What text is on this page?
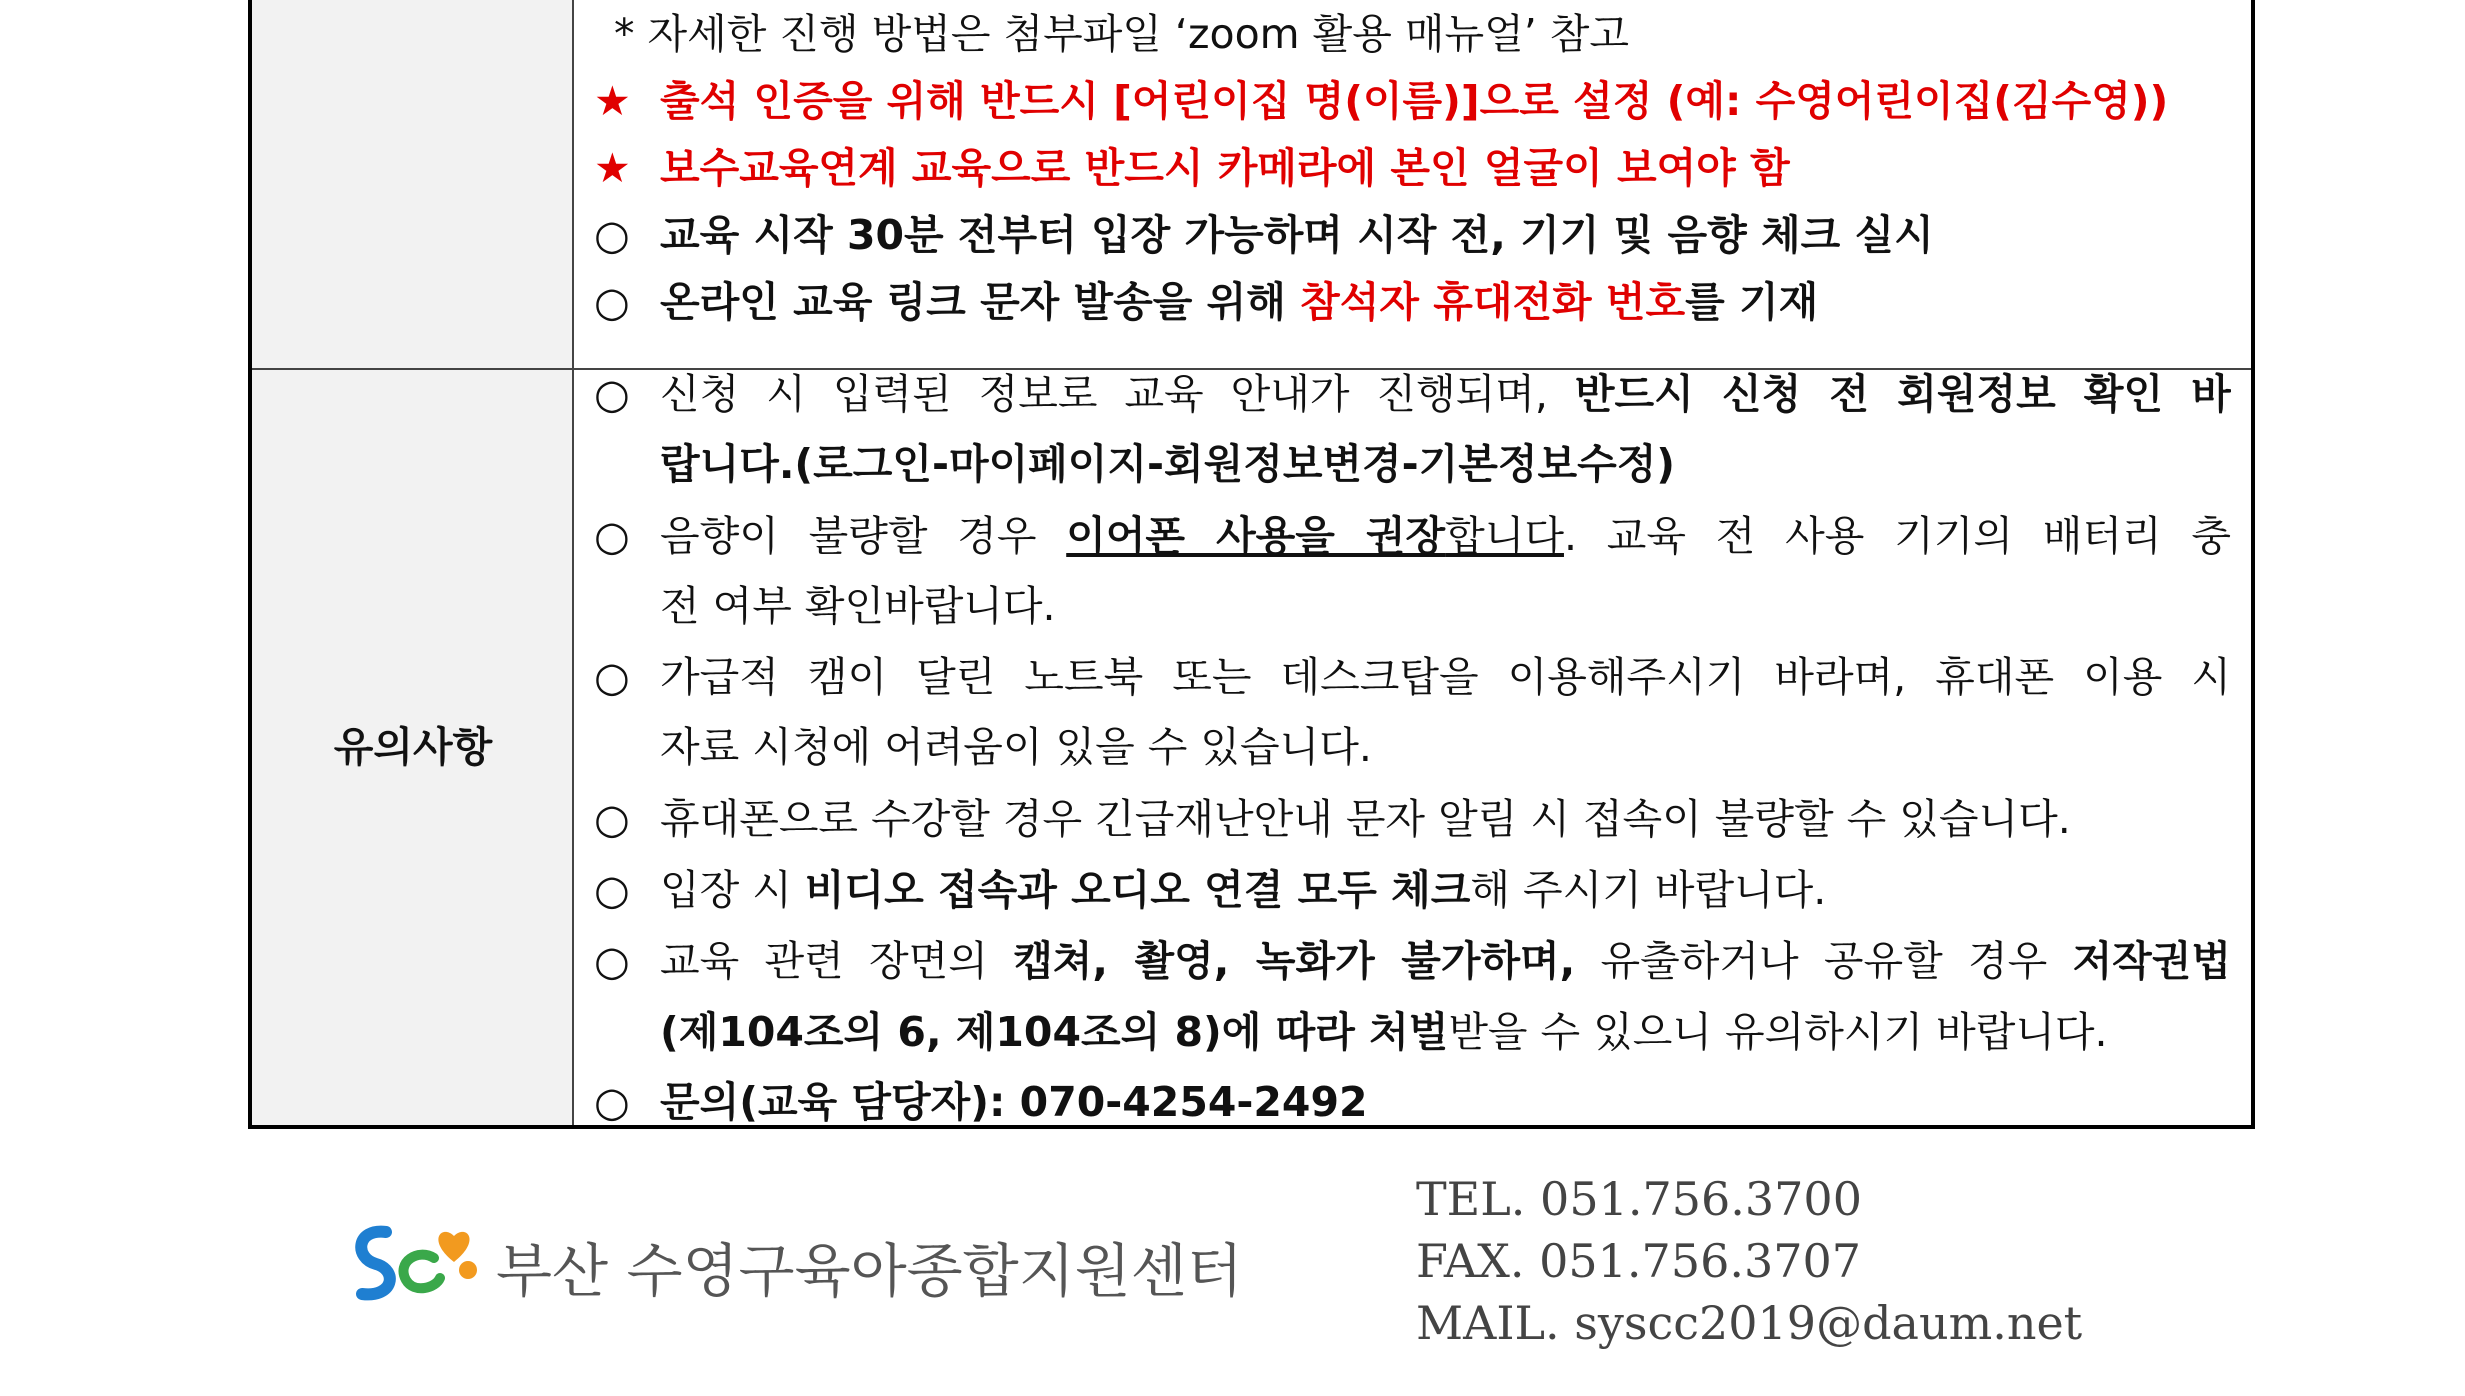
유의사항
* 자세한 진행 방법은 첨부파일 ‘zoom 활용 매뉴얼’ 참고
★ 출석 인증을 위해 반드시 [어린이집 명(이름)]으로 설정 (예: 수영어린이집(김수영))
★ 보수교육연계 교육으로 반드시 카메라에 본인 얼굴이 보여야 함
○ 교육 시작 30분 전부터 입장 가능하며 시작 전, 기기 및 음향 체크 실시
○ 온라인 교육 링크 문자 발송을 위해 참석자 휴대전화 번호를 기재
○ 신청 시 입력된 정보로 교육 안내가 진행되며, 반드시 신청 전 회원정보 확인 바
랍니다.(로그인-마이페이지-회원정보변경-기본정보수정)
○ 음향이 불량할 경우 이어폰 사용을 권장합니다. 교육 전 사용 기기의 배터리 충
전 여부 확인바랍니다.
○ 가급적 캠이 달린 노트북 또는 데스크탑을 이용해주시기 바라며, 휴대폰 이용 시
자료 시청에 어려움이 있을 수 있습니다.
○ 휴대폰으로 수강할 경우 긴급재난안내 문자 알림 시 접속이 불량할 수 있습니다.
○ 입장 시 비디오 접속과 오디오 연결 모두 체크해 주시기 바랍니다.
○ 교육 관련 장면의 캡쳐, 촬영, 녹화가 불가하며, 유출하거나 공유할 경우 저작권법
(제104조의 6, 제104조의 8)에 따라 처벌받을 수 있으니 유의하시기 바랍니다.
○ 문의(교육 담당자): 070-4254-2492
부산 수영구육아종합지원센터
TEL. 051.756.3700
FAX. 051.756.3707
MAIL. syscc2019@daum.net
